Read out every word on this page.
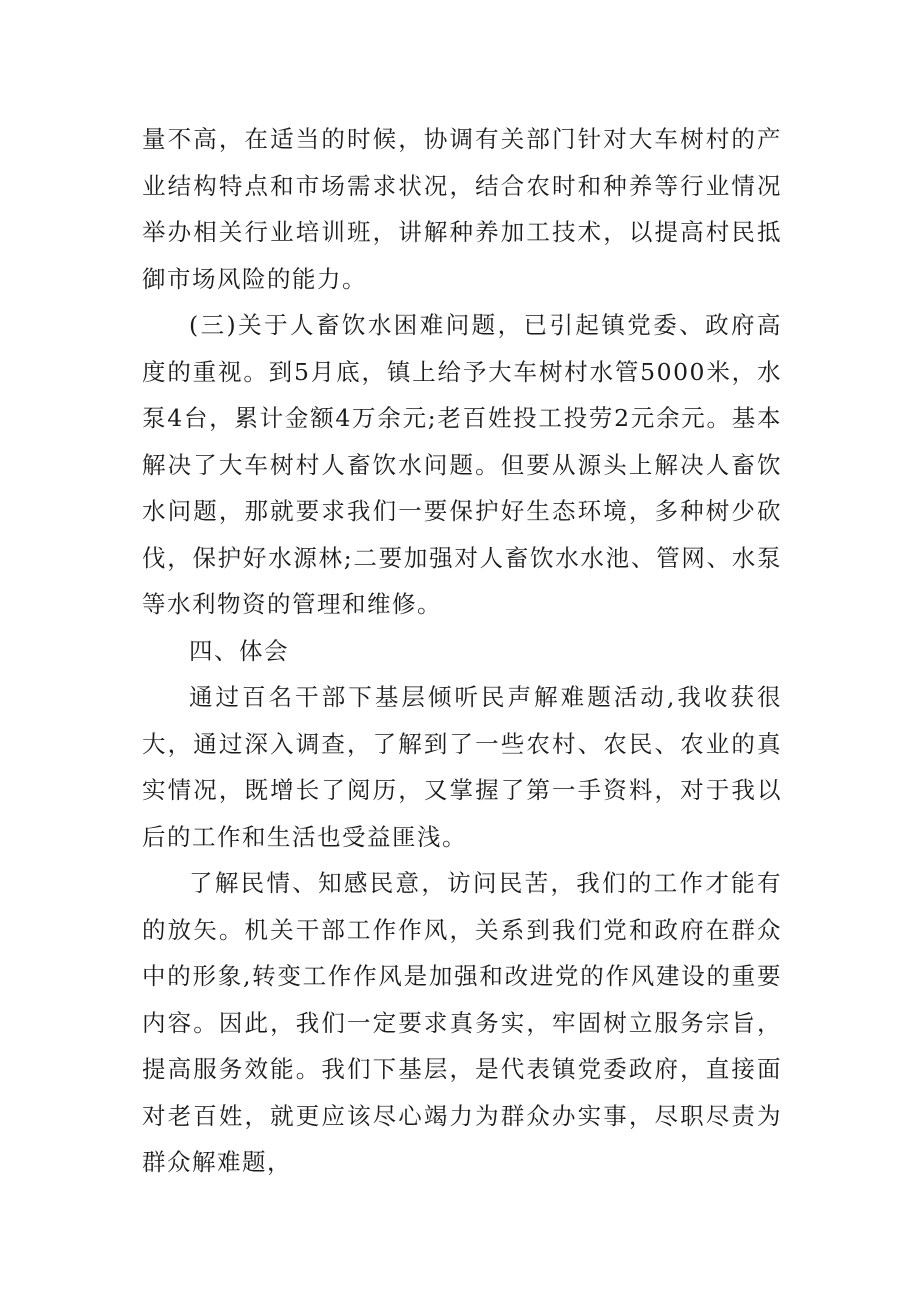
量不高，在适当的时候，协调有关部门针对大车树村的产业结构特点和市场需求状况，结合农时和种养等行业情况举办相关行业培训班，讲解种养加工技术，以提高村民抵御市场风险的能力。

(三)关于人畜饮水困难问题，已引起镇党委、政府高度的重视。到5月底，镇上给予大车树村水管5000米，水泵4台，累计金额4万余元;老百姓投工投劳2元余元。基本解决了大车树村人畜饮水问题。但要从源头上解决人畜饮水问题，那就要求我们一要保护好生态环境，多种树少砍伐，保护好水源林;二要加强对人畜饮水水池、管网、水泵等水利物资的管理和维修。

四、体会

通过百名干部下基层倾听民声解难题活动,我收获很大，通过深入调查，了解到了一些农村、农民、农业的真实情况，既增长了阅历，又掌握了第一手资料，对于我以后的工作和生活也受益匪浅。

了解民情、知感民意，访问民苦，我们的工作才能有的放矢。机关干部工作作风，关系到我们党和政府在群众中的形象,转变工作作风是加强和改进党的作风建设的重要内容。因此，我们一定要求真务实，牢固树立服务宗旨，提高服务效能。我们下基层，是代表镇党委政府，直接面对老百姓，就更应该尽心竭力为群众办实事，尽职尽责为群众解难题，
